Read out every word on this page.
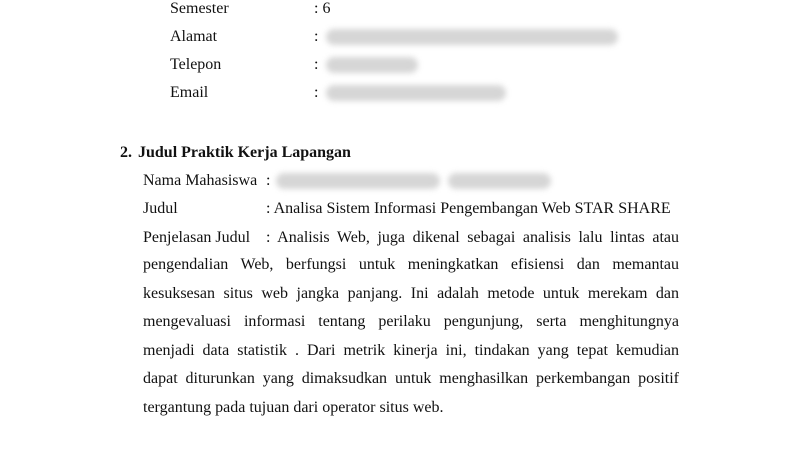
Semester	: 6
Alamat	:
Telepon	:
Email	:
2. Judul Praktik Kerja Lapangan
Nama Mahasiswa :
Judul	: Analisa Sistem Informasi Pengembangan Web STAR SHARE
Penjelasan Judul : Analisis Web, juga dikenal sebagai analisis lalu lintas atau
pengendalian Web, berfungsi untuk meningkatkan efisiensi dan memantau
kesuksesan situs web jangka panjang. Ini adalah metode untuk merekam dan
mengevaluasi informasi tentang perilaku pengunjung, serta menghitungnya
menjadi data statistik . Dari metrik kinerja ini, tindakan yang tepat kemudian
dapat diturunkan yang dimaksudkan untuk menghasilkan perkembangan positif
tergantung pada tujuan dari operator situs web.
